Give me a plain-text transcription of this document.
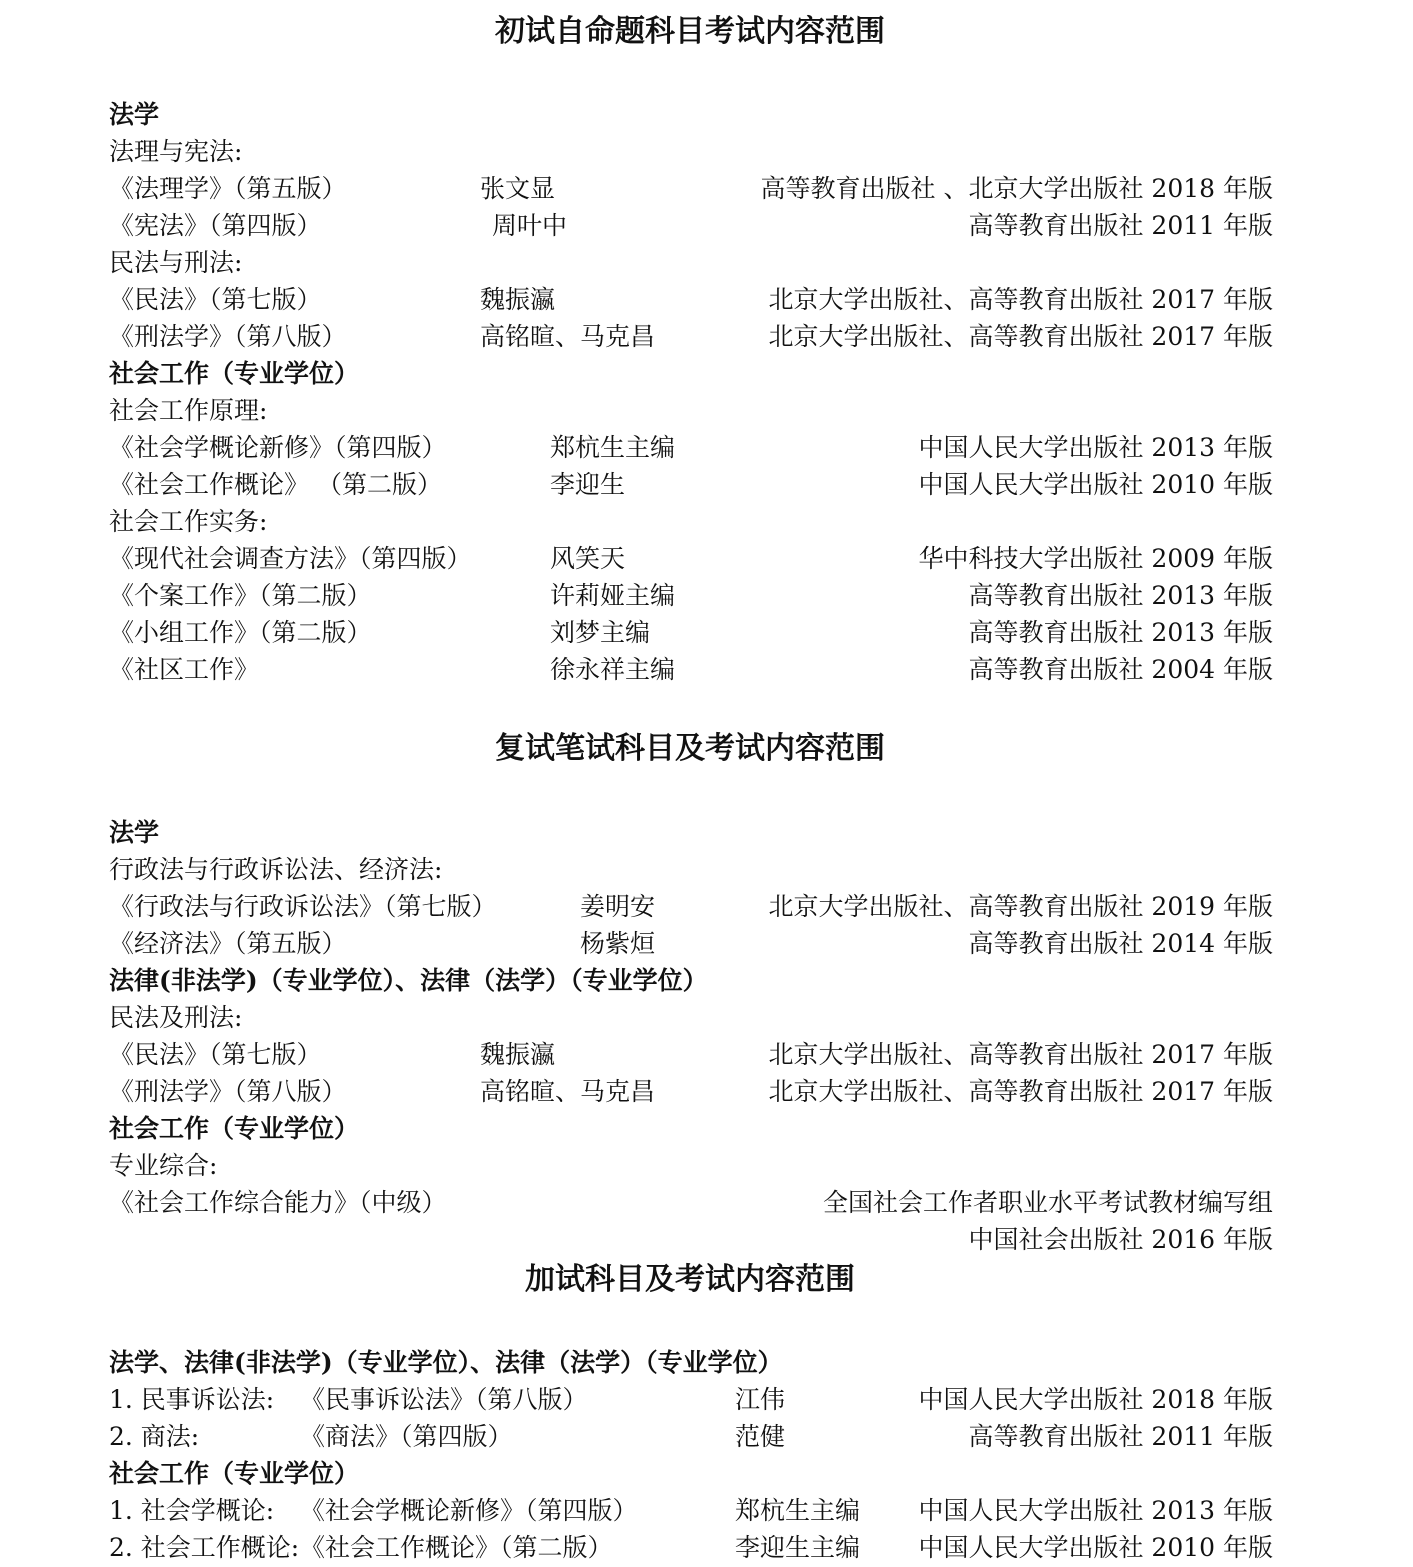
初试自命题科目考试内容范围
法学
法理与宪法:
《法理学》（第五版）	张文显	高等教育出版社 、北京大学出版社 2018 年版
《宪法》（第四版）	周叶中	高等教育出版社 2011 年版
民法与刑法:
《民法》（第七版）	魏振瀛	北京大学出版社、高等教育出版社 2017 年版
《刑法学》（第八版）	高铭暄、马克昌	北京大学出版社、高等教育出版社 2017 年版
社会工作（专业学位）
社会工作原理:
《社会学概论新修》（第四版）	郑杭生主编	中国人民大学出版社 2013 年版
《社会工作概论》 （第二版）	李迎生	中国人民大学出版社 2010 年版
社会工作实务:
《现代社会调查方法》（第四版）	风笑天	华中科技大学出版社 2009 年版
《个案工作》（第二版）	许莉娅主编	高等教育出版社 2013 年版
《小组工作》（第二版）	刘梦主编	高等教育出版社 2013 年版
《社区工作》	徐永祥主编	高等教育出版社 2004 年版
复试笔试科目及考试内容范围
法学
行政法与行政诉讼法、经济法:
《行政法与行政诉讼法》（第七版）	姜明安	北京大学出版社、高等教育出版社 2019 年版
《经济法》（第五版）	杨紫烜	高等教育出版社 2014 年版
法律(非法学)（专业学位）、法律（法学）（专业学位）
民法及刑法:
《民法》（第七版）	魏振瀛	北京大学出版社、高等教育出版社 2017 年版
《刑法学》（第八版）	高铭暄、马克昌	北京大学出版社、高等教育出版社 2017 年版
社会工作（专业学位）
专业综合:
《社会工作综合能力》（中级）	全国社会工作者职业水平考试教材编写组
中国社会出版社 2016 年版
加试科目及考试内容范围
法学、法律(非法学)（专业学位）、法律（法学）（专业学位）
1. 民事诉讼法: 《民事诉讼法》（第八版）	江伟	中国人民大学出版社 2018 年版
2. 商法:	《商法》（第四版）	范健	高等教育出版社 2011 年版
社会工作（专业学位）
1. 社会学概论: 《社会学概论新修》（第四版）	郑杭生主编 中国人民大学出版社 2013 年版
2. 社会工作概论: 《社会工作概论》（第二版）	李迎生主编 中国人民大学出版社 2010 年版
